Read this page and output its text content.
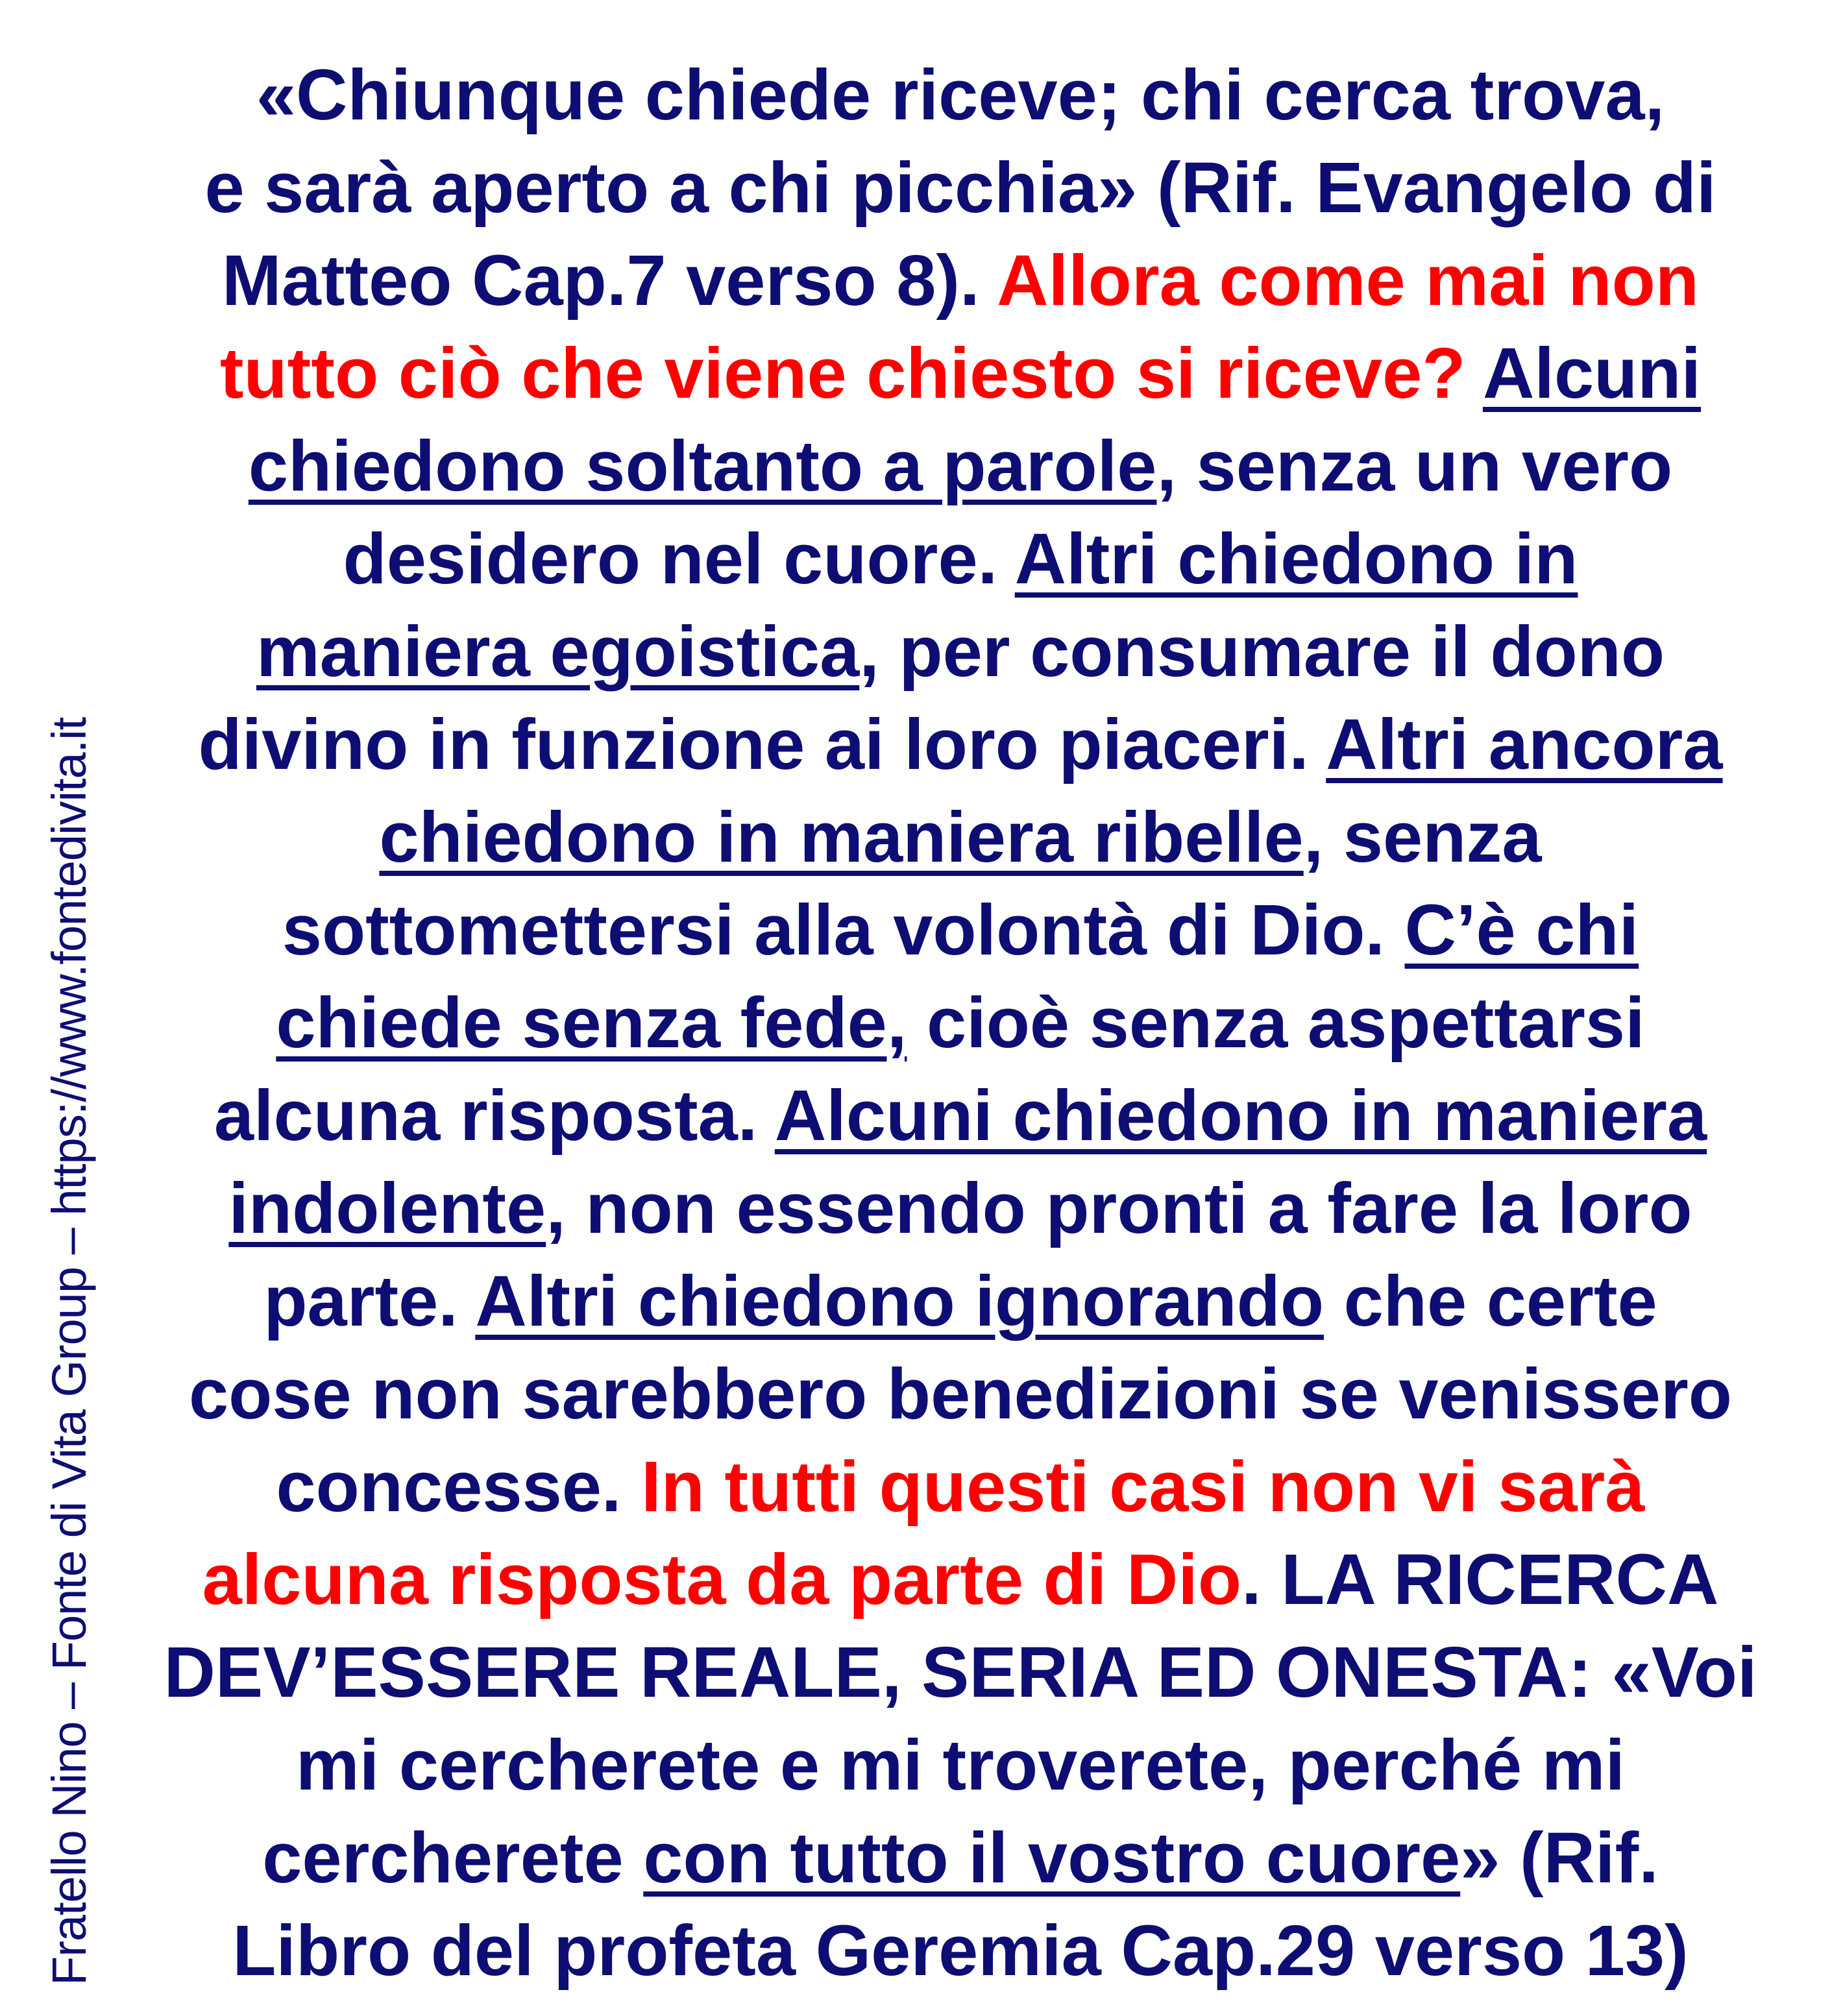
Fratello Nino – Fonte di Vita Group – https://www.fontedivita.it
«Chiunque chiede riceve; chi cerca trova,
e sarà aperto a chi picchia» (Rif. Evangelo di
Matteo Cap.7 verso 8). Allora come mai non
tutto ciò che viene chiesto si riceve? Alcuni
chiedono soltanto a parole, senza un vero
desidero nel cuore. Altri chiedono in
maniera egoistica, per consumare il dono
divino in funzione ai loro piaceri. Altri ancora
chiedono in maniera ribelle, senza
sottomettersi alla volontà di Dio. C’è chi
chiede senza fede, cioè senza aspettarsi
alcuna risposta. Alcuni chiedono in maniera
indolente, non essendo pronti a fare la loro
parte. Altri chiedono ignorando che certe
cose non sarebbero benedizioni se venissero
concesse. In tutti questi casi non vi sarà
alcuna risposta da parte di Dio. LA RICERCA
DEV’ESSERE REALE, SERIA ED ONESTA: «Voi
mi cercherete e mi troverete, perché mi
cercherete con tutto il vostro cuore» (Rif.
Libro del profeta Geremia Cap.29 verso 13)
